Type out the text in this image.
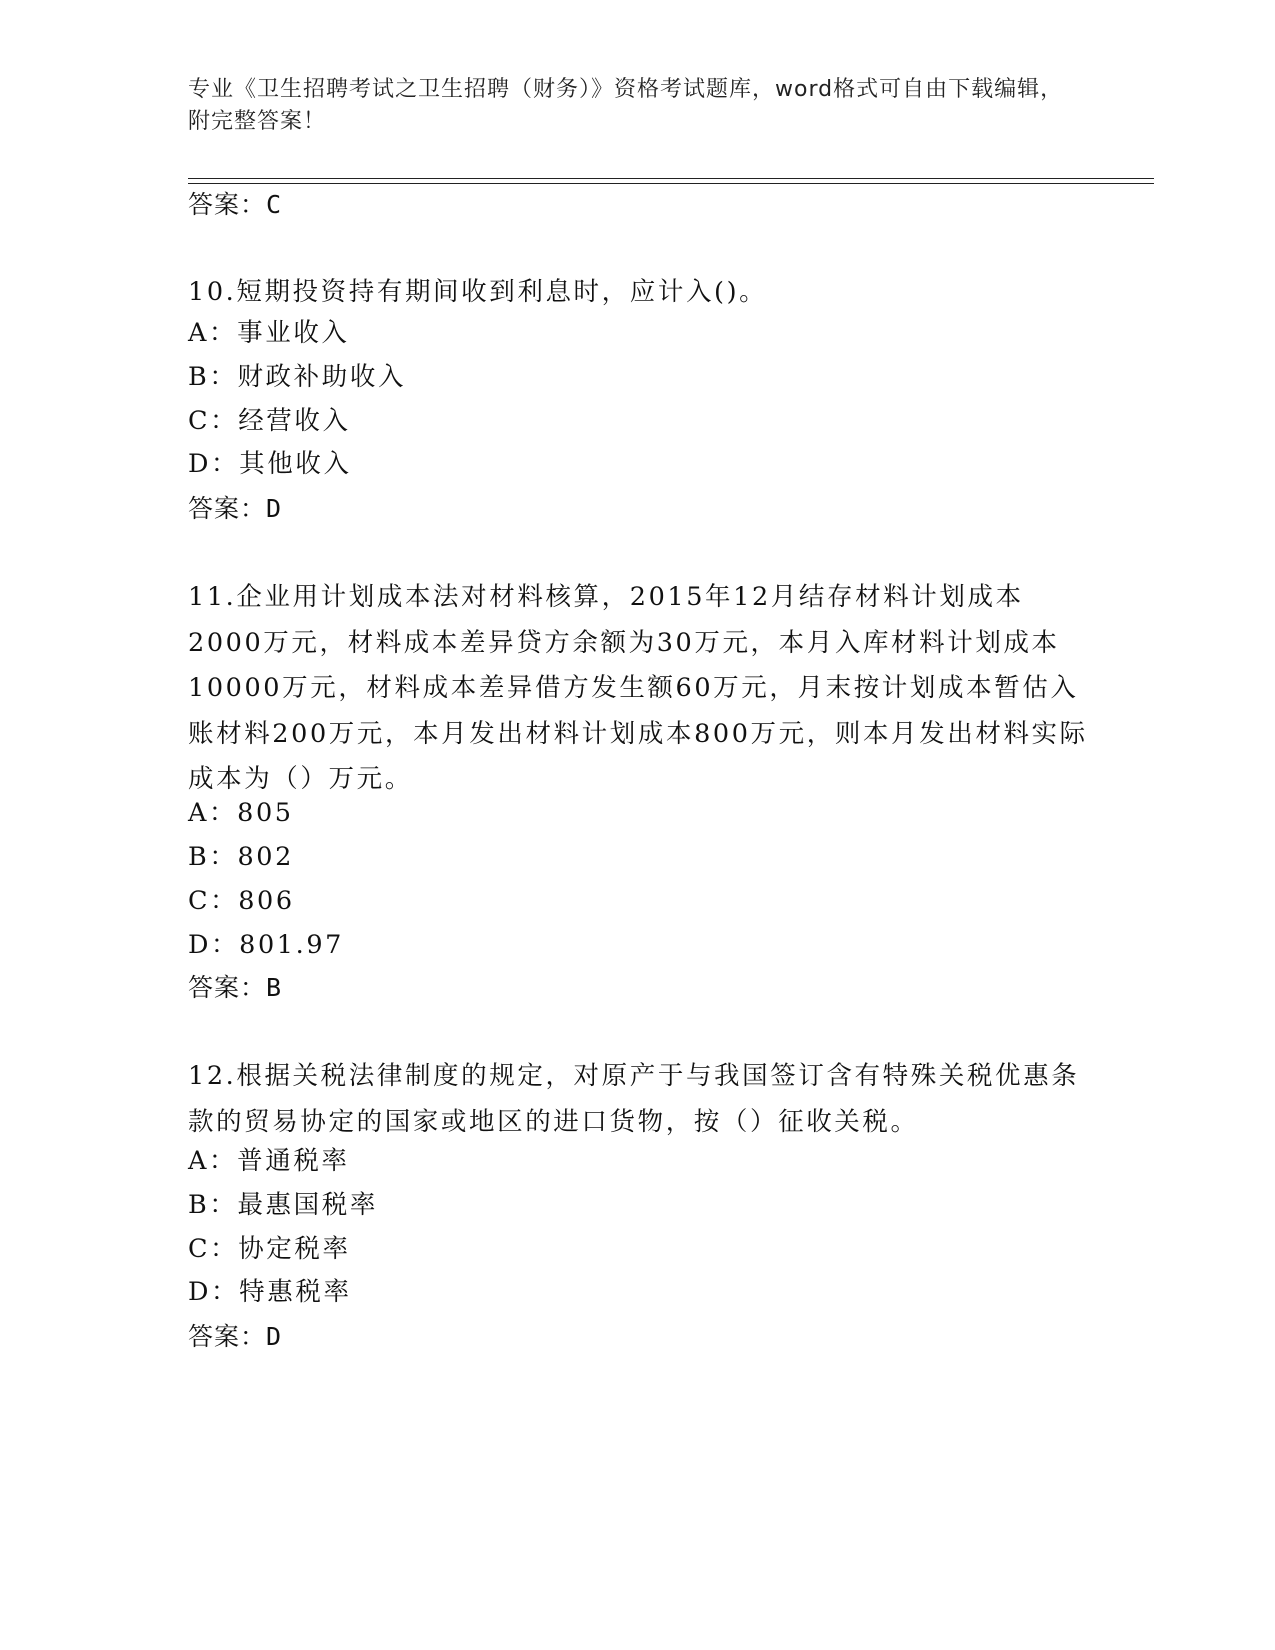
专业《卫生招聘考试之卫生招聘（财务）》资格考试题库，word格式可自由下载编辑，附完整答案！
答案：C
10.短期投资持有期间收到利息时，应计入()。
A：事业收入
B：财政补助收入
C：经营收入
D：其他收入
答案：D
11.企业用计划成本法对材料核算，2015年12月结存材料计划成本2000万元，材料成本差异贷方余额为30万元，本月入库材料计划成本10000万元，材料成本差异借方发生额60万元，月末按计划成本暂估入账材料200万元，本月发出材料计划成本800万元，则本月发出材料实际成本为（）万元。
A：805
B：802
C：806
D：801.97
答案：B
12.根据关税法律制度的规定，对原产于与我国签订含有特殊关税优惠条款的贸易协定的国家或地区的进口货物，按（）征收关税。
A：普通税率
B：最惠国税率
C：协定税率
D：特惠税率
答案：D
